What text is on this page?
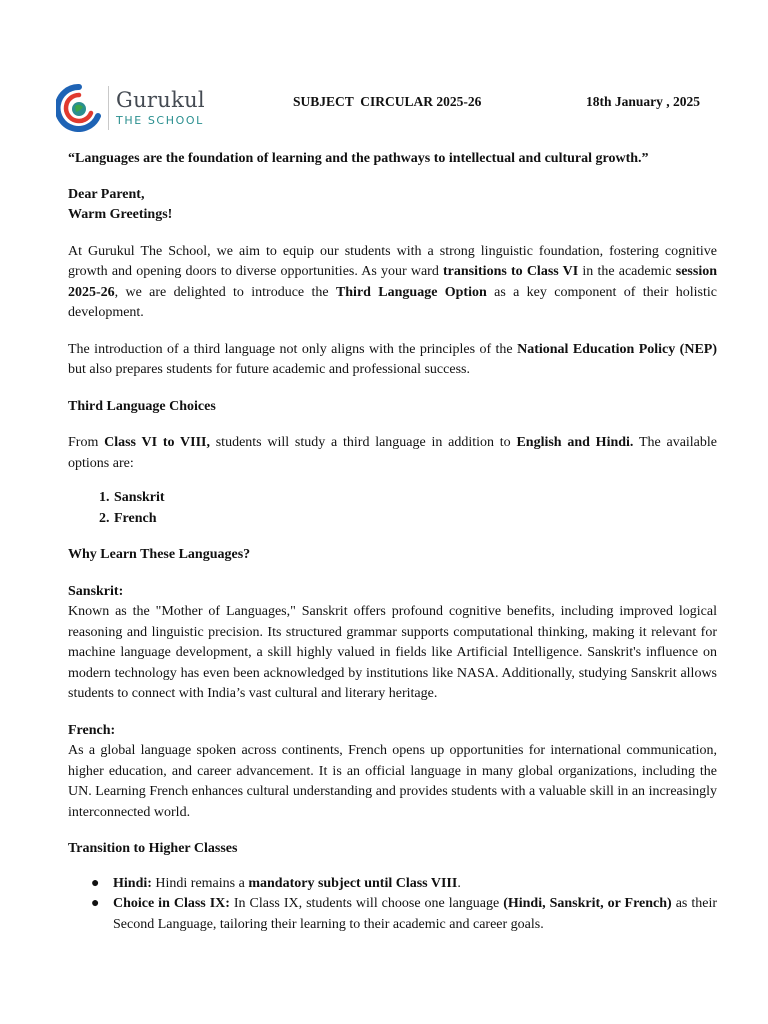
Gurukul
THE SCHOOL
SUBJECT  CIRCULAR 2025-26	18th January , 2025

“Languages are the foundation of learning and the pathways to intellectual and cultural growth.”

Dear Parent,

Warm Greetings!

At Gurukul The School, we aim to equip our students with a strong linguistic foundation, fostering cognitive growth and opening doors to diverse opportunities. As your ward transitions to Class VI in the academic session 2025-26, we are delighted to introduce the Third Language Option as a key component of their holistic development.

The introduction of a third language not only aligns with the principles of the National Education Policy (NEP) but also prepares students for future academic and professional success.

Third Language Choices

From Class VI to VIII, students will study a third language in addition to English and Hindi. The available options are:

1. Sanskrit
2. French

Why Learn These Languages?

Sanskrit:

Known as the "Mother of Languages," Sanskrit offers profound cognitive benefits, including improved logical reasoning and linguistic precision. Its structured grammar supports computational thinking, making it relevant for machine language development, a skill highly valued in fields like Artificial Intelligence. Sanskrit's influence on modern technology has even been acknowledged by institutions like NASA. Additionally, studying Sanskrit allows students to connect with India’s vast cultural and literary heritage.

French:

As a global language spoken across continents, French opens up opportunities for international communication, higher education, and career advancement. It is an official language in many global organizations, including the UN. Learning French enhances cultural understanding and provides students with a valuable skill in an increasingly interconnected world.

Transition to Higher Classes

● Hindi: Hindi remains a mandatory subject until Class VIII.
● Choice in Class IX: In Class IX, students will choose one language (Hindi, Sanskrit, or French) as their Second Language, tailoring their learning to their academic and career goals.
